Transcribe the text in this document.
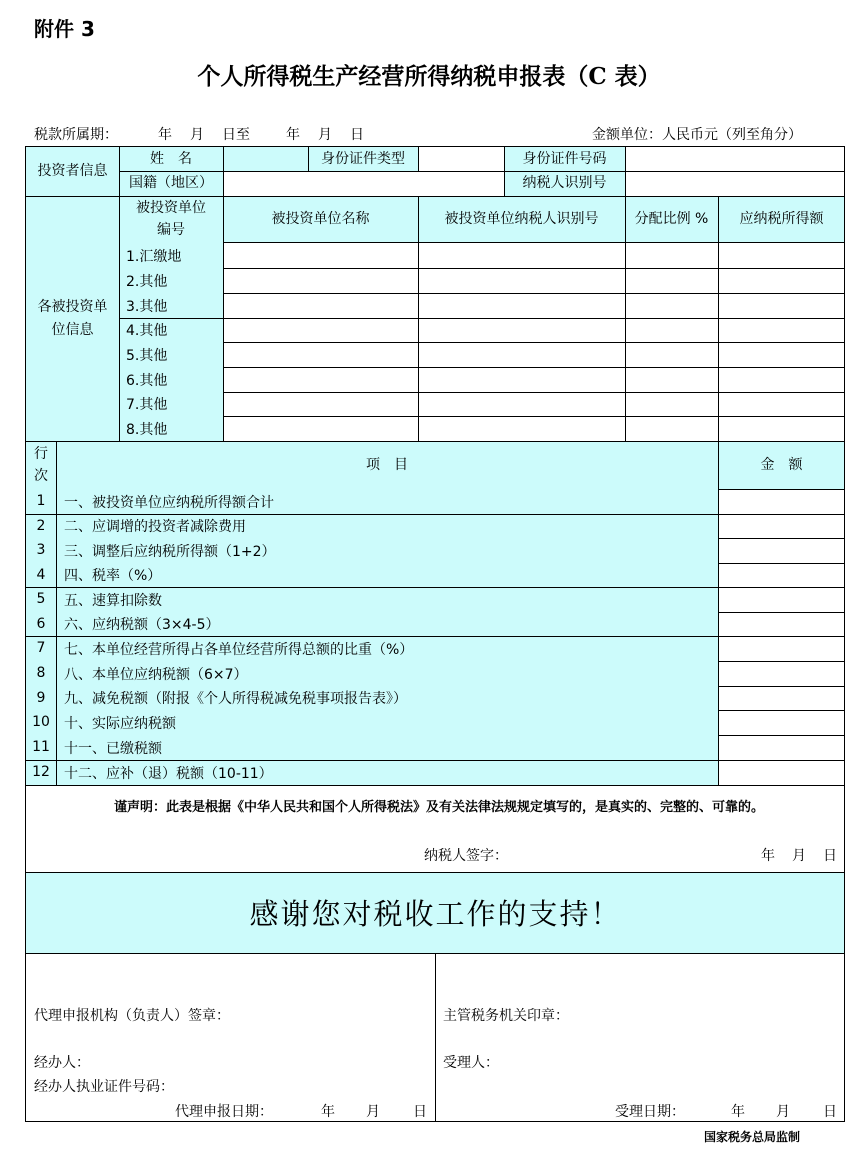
附件 3
个人所得税生产经营所得纳税申报表（C 表）
税款所属期：	年 月 日至	年 月 日	金额单位：人民币元（列至角分）
投资者信息
姓　名	身份证件类型	身份证件号码
国籍（地区）	纳税人识别号
各被投资单位信息
被投资单位编号
被投资单位名称	被投资单位纳税人识别号	分配比例 %	应纳税所得额
1.汇缴地
2.其他
3.其他
4.其他
5.其他
6.其他
7.其他
8.其他
行次
项　目	金　额
1	一、被投资单位应纳税所得额合计
2	二、应调增的投资者减除费用
3	三、调整后应纳税所得额（1+2）
4	四、税率（%）
5	五、速算扣除数
6	六、应纳税额（3×4-5）
7	七、本单位经营所得占各单位经营所得总额的比重（%）
8	八、本单位应纳税额（6×7）
9	九、减免税额（附报《个人所得税减免税事项报告表》）
10	十、实际应纳税额
11	十一、已缴税额
12	十二、应补（退）税额（10-11）
谨声明：此表是根据《中华人民共和国个人所得税法》及有关法律法规规定填写的，是真实的、完整的、可靠的。
纳税人签字：	年 月 日
感谢您对税收工作的支持！
代理申报机构（负责人）签章：
经办人：
经办人执业证件号码：
代理申报日期：	年 月 日
主管税务机关印章：
受理人：
受理日期：	年 月 日
国家税务总局监制
